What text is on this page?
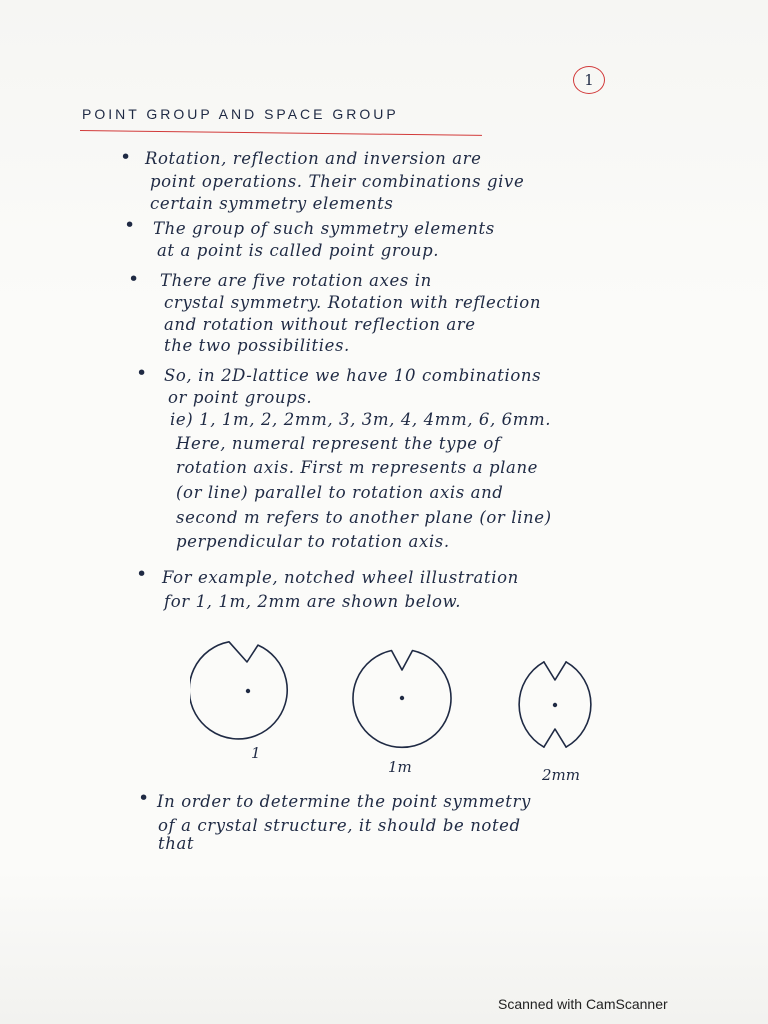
1
POINT GROUP AND SPACE GROUP
• Rotation, reflection and inversion are
point operations. Their combinations give
certain symmetry elements
• The group of such symmetry elements
at a point is called point group.
• There are five rotation axes in
crystal symmetry. Rotation with reflection
and rotation without reflection are
the two possibilities.
• So, in 2D-lattice we have 10 combinations
or point groups.
ie) 1, 1m, 2, 2mm, 3, 3m, 4, 4mm, 6, 6mm.
Here, numeral represent the type of
rotation axis. First m represents a plane
(or line) parallel to rotation axis and
second m refers to another plane (or line)
perpendicular to rotation axis.
• For example, notched wheel illustration
for 1, 1m, 2mm are shown below.
1
1m	2mm
• In order to determine the point symmetry
of a crystal structure, it should be noted
that
Scanned with CamScanner
